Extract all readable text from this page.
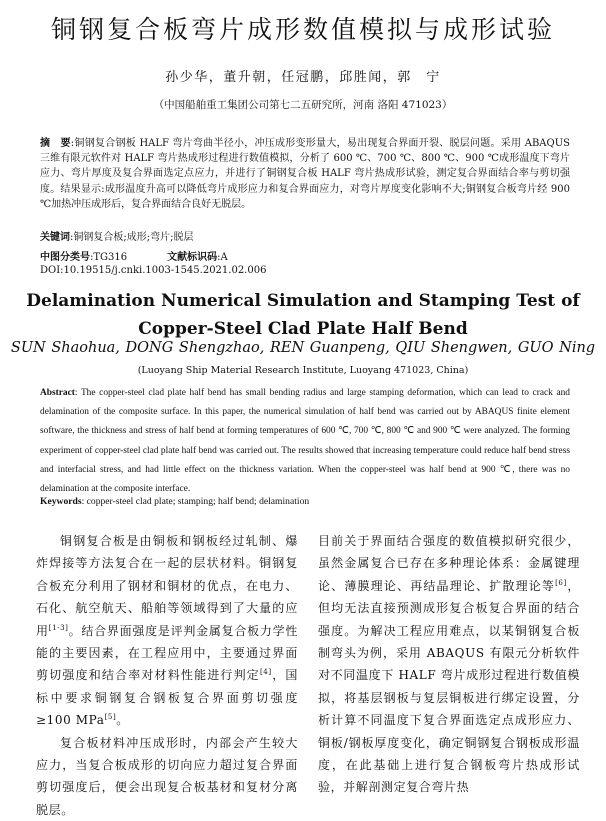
铜钢复合板弯片成形数值模拟与成形试验
孙少华，董升朝，任冠鹏，邱胜闻，郭　宁
（中国船舶重工集团公司第七二五研究所，河南 洛阳 471023）
摘　要:铜钢复合钢板 HALF 弯片弯曲半径小，冲压成形变形量大，易出现复合界面开裂、脱层问题。采用 ABAQUS 三维有限元软件对 HALF 弯片热成形过程进行数值模拟，分析了 600 ℃、700 ℃、800 ℃、900 ℃成形温度下弯片应力、弯片厚度及复合界面选定点应力，并进行了铜钢复合板 HALF 弯片热成形试验，测定复合界面结合率与剪切强度。结果显示:成形温度升高可以降低弯片成形应力和复合界面应力，对弯片厚度变化影响不大;铜钢复合板弯片经 900 ℃加热冲压成形后，复合界面结合良好无脱层。
关键词:铜钢复合板;成形;弯片;脱层
中图分类号:TG316	文献标识码:A
DOI:10.19515/j.cnki.1003-1545.2021.02.006
Delamination Numerical Simulation and Stamping Test of
Copper-Steel Clad Plate Half Bend
SUN Shaohua, DONG Shengzhao, REN Guanpeng, QIU Shengwen, GUO Ning
(Luoyang Ship Material Research Institute, Luoyang 471023, China)
Abstract: The copper-steel clad plate half bend has small bending radius and large stamping deformation, which can lead to crack and delamination of the composite surface. In this paper, the numerical simulation of half bend was carried out by ABAQUS finite element software, the thickness and stress of half bend at forming temperatures of 600 ℃, 700 ℃, 800 ℃ and 900 ℃ were analyzed. The forming experiment of copper-steel clad plate half bend was carried out. The results showed that increasing temperature could reduce half bend stress and interfacial stress, and had little effect on the thickness variation. When the copper-steel was half bend at 900 ℃, there was no delamination at the composite interface.
Keywords: copper-steel clad plate; stamping; half bend; delamination

铜钢复合板是由铜板和钢板经过轧制、爆炸焊接等方法复合在一起的层状材料。铜钢复合板充分利用了钢材和铜材的优点，在电力、石化、航空航天、船舶等领域得到了大量的应用[1-3]。结合界面强度是评判金属复合板力学性能的主要因素，在工程应用中，主要通过界面剪切强度和结合率对材料性能进行判定[4]，国标中要求铜钢复合钢板复合界面剪切强度≥100 MPa[5]。

复合板材料冲压成形时，内部会产生较大应力，当复合板成形的切向应力超过复合界面剪切强度后，便会出现复合板基材和复材分离脱层。

目前关于界面结合强度的数值模拟研究很少，虽然金属复合已存在多种理论体系：金属键理论、薄膜理论、再结晶理论、扩散理论等[6]，但均无法直接预测成形复合板复合界面的结合强度。为解决工程应用难点，以某铜钢复合板制弯头为例，采用 ABAQUS 有限元分析软件对不同温度下 HALF 弯片成形过程进行数值模拟，将基层钢板与复层铜板进行绑定设置，分析计算不同温度下复合界面选定点成形应力、铜板/钢板厚度变化，确定铜钢复合钢板成形温度，在此基础上进行复合钢板弯片热成形试验，并解剖测定复合弯片热
